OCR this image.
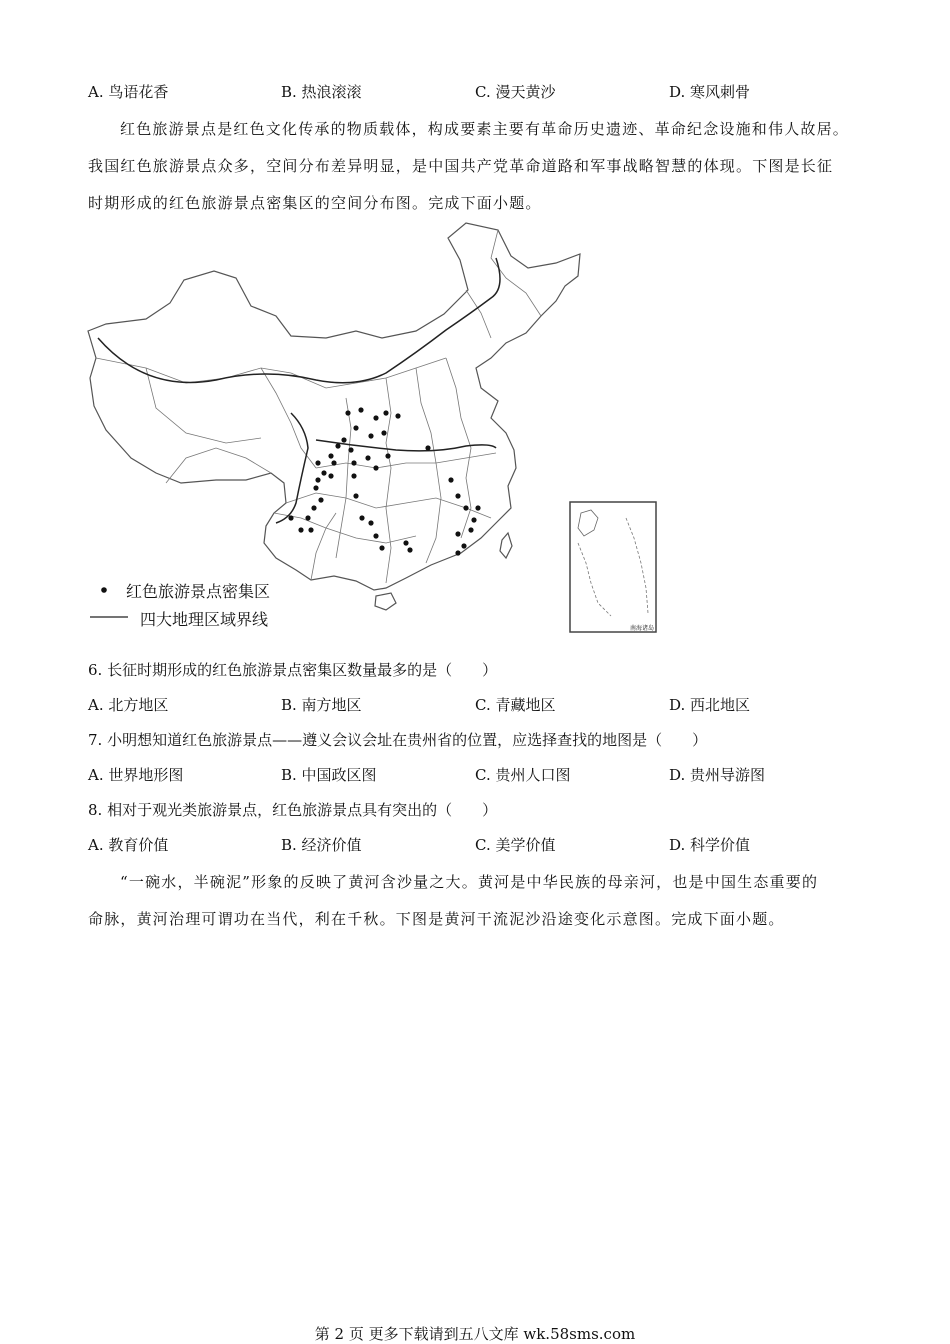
A. 鸟语花香	B. 热浪滚滚	C. 漫天黄沙	D. 寒风刺骨
红色旅游景点是红色文化传承的物质载体，构成要素主要有革命历史遗迹、革命纪念设施和伟人故居。
我国红色旅游景点众多，空间分布差异明显，是中国共产党革命道路和军事战略智慧的体现。下图是长征
时期形成的红色旅游景点密集区的空间分布图。完成下面小题。
红色旅游景点密集区
四大地理区域界线	南海诸岛
6. 长征时期形成的红色旅游景点密集区数量最多的是（　　）
A. 北方地区	B. 南方地区	C. 青藏地区	D. 西北地区
7. 小明想知道红色旅游景点——遵义会议会址在贵州省的位置，应选择查找的地图是（　　）
A. 世界地形图	B. 中国政区图	C. 贵州人口图	D. 贵州导游图
8. 相对于观光类旅游景点，红色旅游景点具有突出的（　　）
A. 教育价值	B. 经济价值	C. 美学价值	D. 科学价值
“一碗水，半碗泥”形象的反映了黄河含沙量之大。黄河是中华民族的母亲河，也是中国生态重要的
命脉，黄河治理可谓功在当代，利在千秋。下图是黄河干流泥沙沿途变化示意图。完成下面小题。
第 2 页 更多下载请到五八文库 wk.58sms.com
